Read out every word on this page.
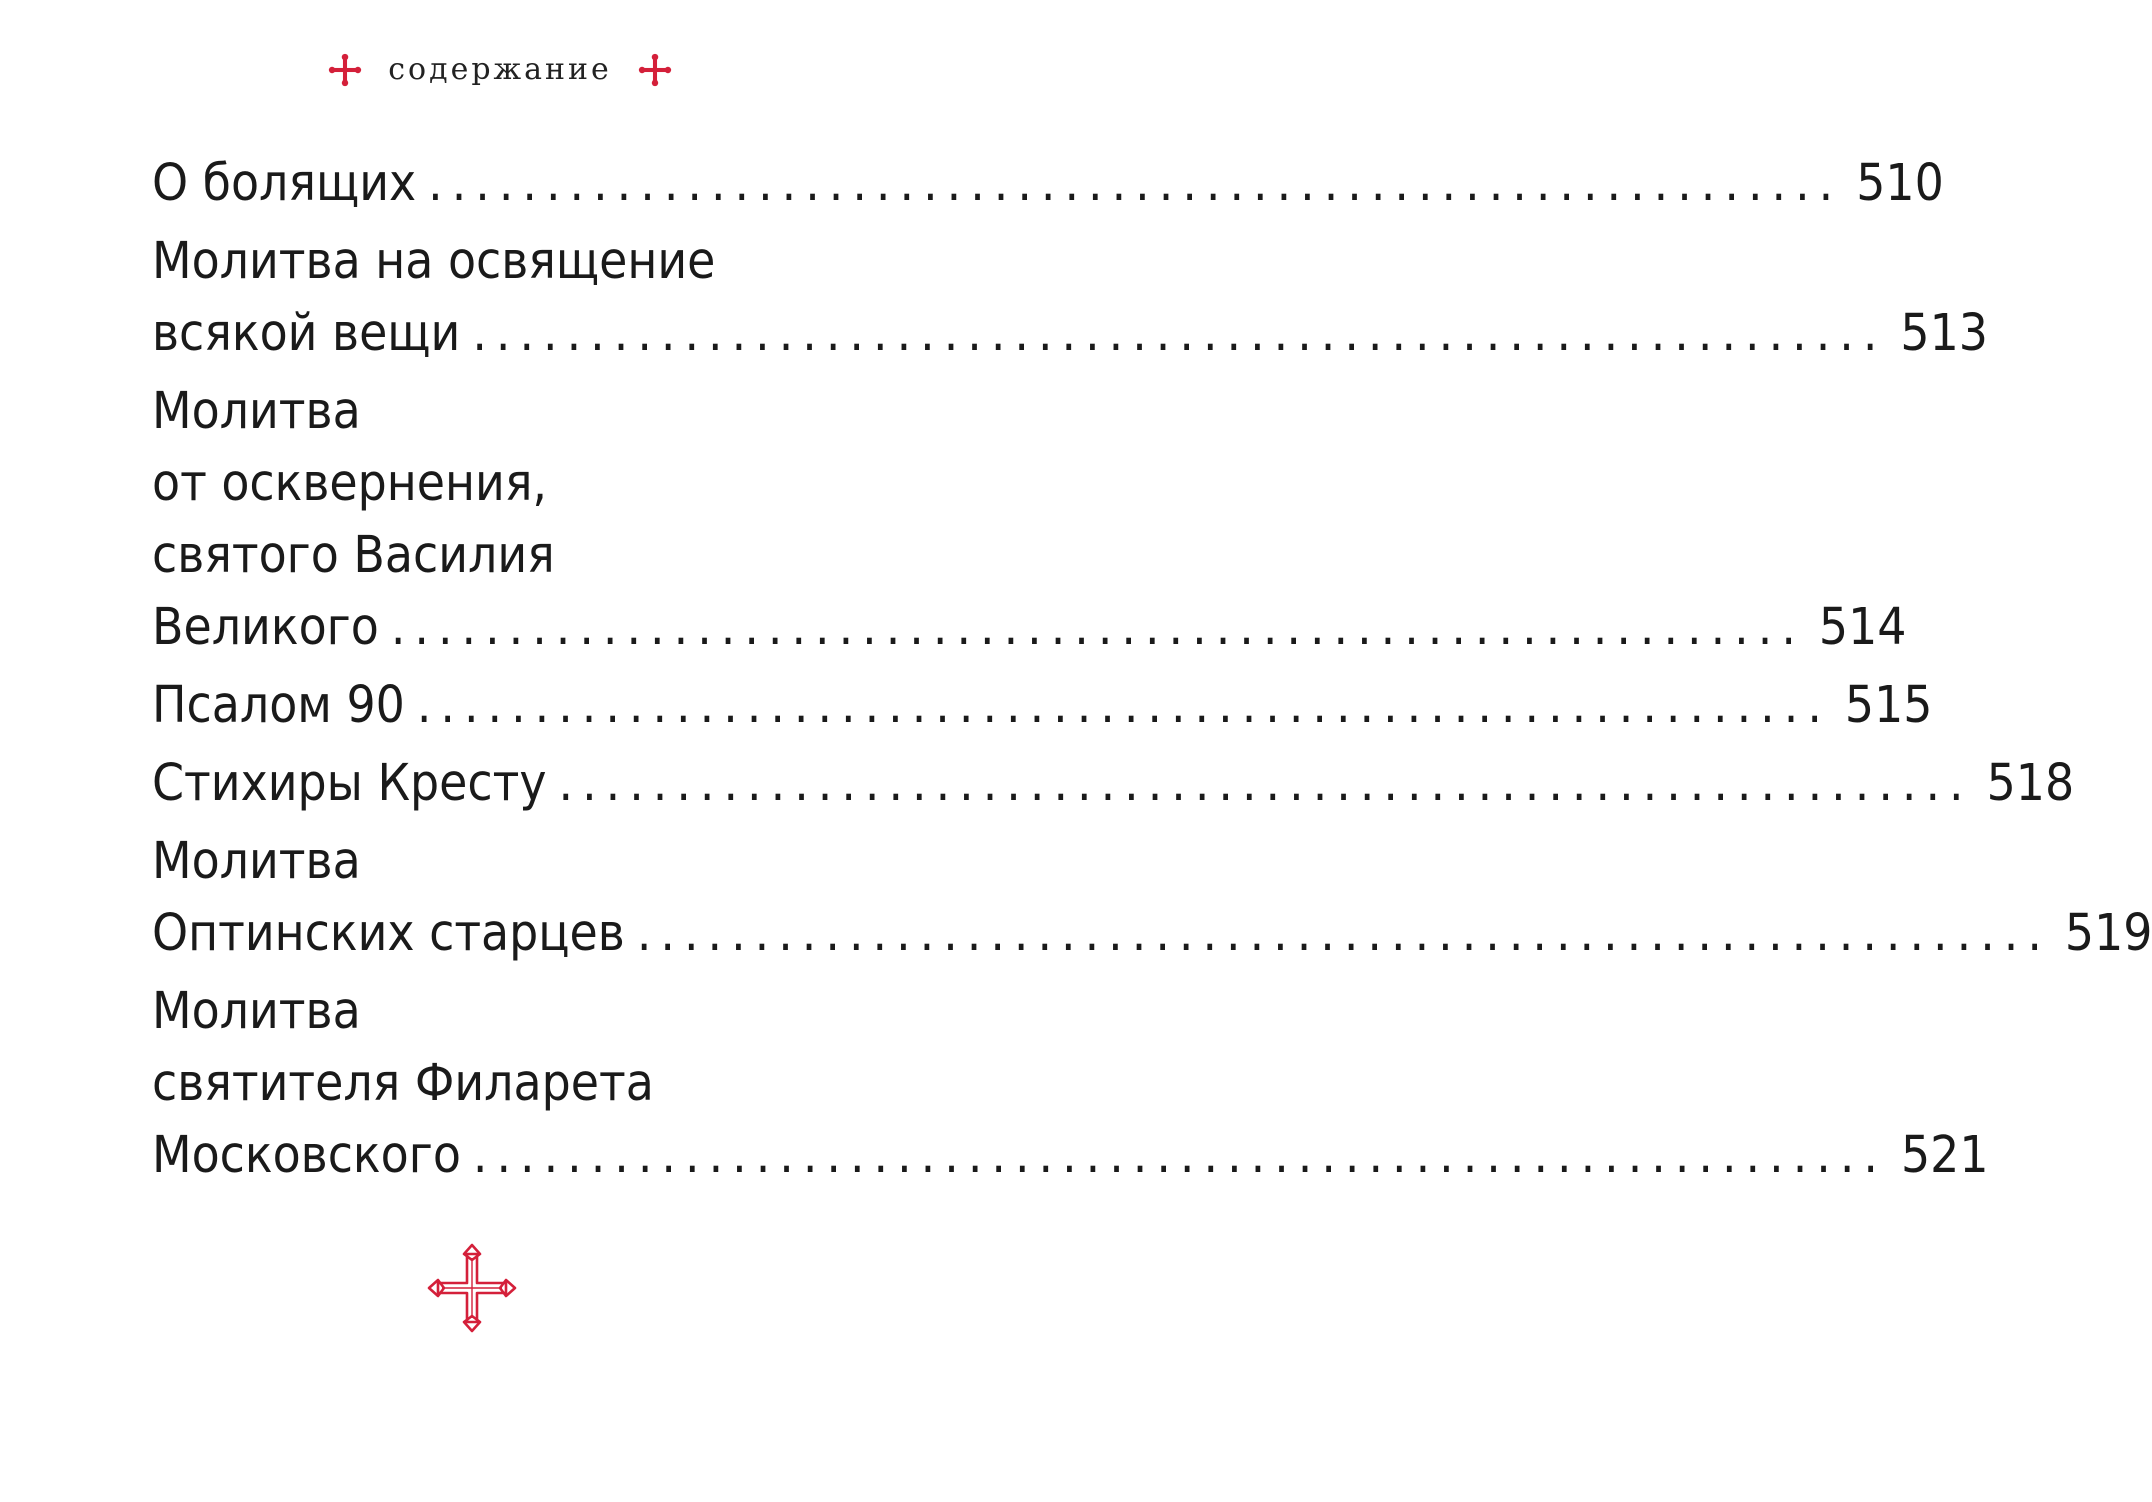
содержание
О болящих ............................................................ 510
Молитва на освящение
всякой вещи ............................................................ 513
Молитва
от осквернения,
святого Василия
Великого ............................................................ 514
Псалом 90 ............................................................ 515
Стихиры Кресту ............................................................ 518
Молитва
Оптинских старцев ............................................................ 519
Молитва
святителя Филарета
Московского ............................................................ 521
